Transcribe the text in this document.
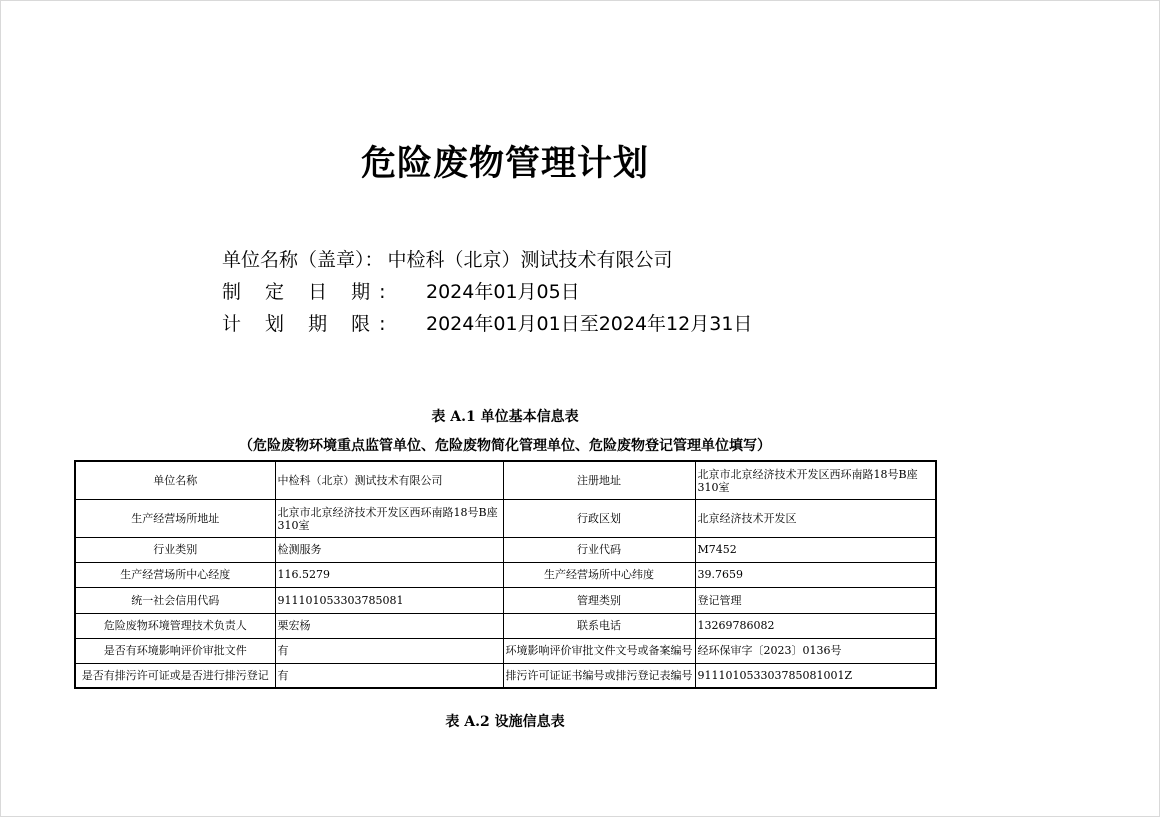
危险废物管理计划
单位名称（盖章）： 中检科（北京）测试技术有限公司
制 定 日 期: 2024年01月05日
计 划 期 限: 2024年01月01日至2024年12月31日
表 A.1 单位基本信息表
（危险废物环境重点监管单位、危险废物简化管理单位、危险废物登记管理单位填写）
单位名称	中检科（北京）测试技术有限公司	注册地址	北京市北京经济技术开发区西环南路18号B座310室

生产经营场所地址	北京市北京经济技术开发区西环南路18号B座310室	行政区划	北京经济技术开发区
行业类别	检测服务	行业代码	M7452
生产经营场所中心经度	116.5279	生产经营场所中心纬度	39.7659
统一社会信用代码	911101053303785081	管理类别	登记管理
危险废物环境管理技术负责人	栗宏杨	联系电话	13269786082
是否有环境影响评价审批文件	有	环境影响评价审批文件文号或备案编号	经环保审字〔2023〕0136号

是否有排污许可证或是否进行排污登记	有	排污许可证证书编号或排污登记表编号	911101053303785081001Z
表 A.2 设施信息表
